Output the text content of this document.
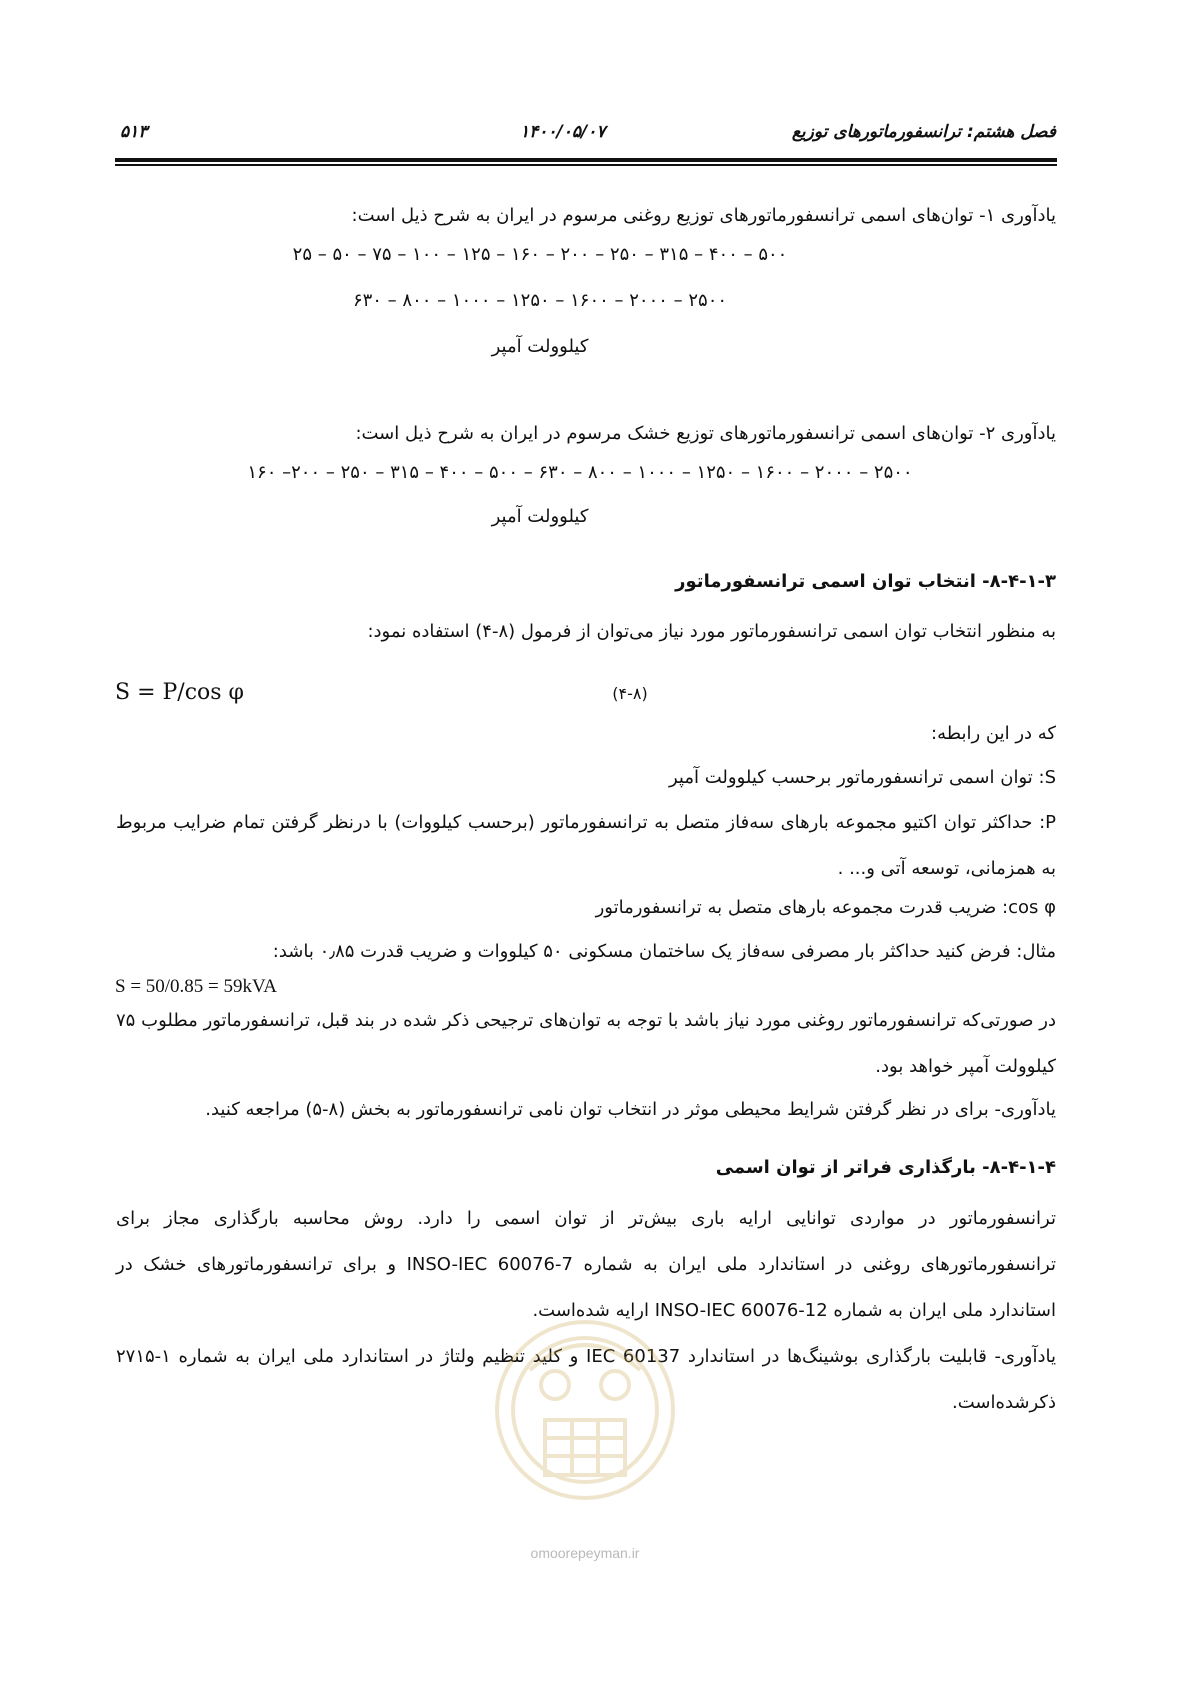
فصل هشتم: ترانسفورماتورهای توزیع
۱۴۰۰/۰۵/۰۷
۵۱۳
یادآوری ۱- توان‌های اسمی ترانسفورماتورهای توزیع روغنی مرسوم در ایران به شرح ذیل است:
۵۰۰ – ۴۰۰ – ۳۱۵ – ۲۵۰ – ۲۰۰ – ۱۶۰ – ۱۲۵ – ۱۰۰ – ۷۵ – ۵۰ – ۲۵
۲۵۰۰ – ۲۰۰۰ – ۱۶۰۰ – ۱۲۵۰ – ۱۰۰۰ – ۸۰۰ – ۶۳۰
کیلوولت آمپر
یادآوری ۲- توان‌های اسمی ترانسفورماتورهای توزیع خشک مرسوم در ایران به شرح ذیل است:
۲۵۰۰ – ۲۰۰۰ – ۱۶۰۰ – ۱۲۵۰ – ۱۰۰۰ – ۸۰۰ – ۶۳۰ – ۵۰۰ – ۴۰۰ – ۳۱۵ – ۲۵۰ – ۲۰۰– ۱۶۰
کیلوولت آمپر
۸-۴-۱-۳- انتخاب توان اسمی ترانسفورماتور
به منظور انتخاب توان اسمی ترانسفورماتور مورد نیاز می‌توان از فرمول (۸-۴) استفاده نمود:
S = P/cos φ	(۴-۸)
که در این رابطه:
S: توان اسمی ترانسفورماتور برحسب کیلوولت آمپر
P: حداکثر توان اکتیو مجموعه بارهای سه‌فاز متصل به ترانسفورماتور (برحسب کیلووات) با درنظر گرفتن تمام ضرایب مربوط به همزمانی، توسعه آتی و... .
cos φ: ضریب قدرت مجموعه بارهای متصل به ترانسفورماتور
مثال: فرض کنید حداکثر بار مصرفی سه‌فاز یک ساختمان مسکونی ۵۰ کیلووات و ضریب قدرت ۰٫۸۵ باشد:
S = 50/0.85 = 59kVA
در صورتی‌که ترانسفورماتور روغنی مورد نیاز باشد با توجه به توان‌های ترجیحی ذکر شده در بند قبل، ترانسفورماتور مطلوب ۷۵ کیلوولت آمپر خواهد بود.
یادآوری- برای در نظر گرفتن شرایط محیطی موثر در انتخاب توان نامی ترانسفورماتور به بخش (۸-۵) مراجعه کنید.
۸-۴-۱-۴- بارگذاری فراتر از توان اسمی
ترانسفورماتور در مواردی توانایی ارایه باری بیش‌تر از توان اسمی را دارد. روش محاسبه بارگذاری مجاز برای ترانسفورماتورهای روغنی در استاندارد ملی ایران به شماره INSO-IEC 60076-7 و برای ترانسفورماتورهای خشک در استاندارد ملی ایران به شماره INSO-IEC 60076-12 ارایه شده‌است.
یادآوری- قابلیت بارگذاری بوشینگ‌ها در استاندارد IEC 60137 و کلید تنظیم ولتاژ در استاندارد ملی ایران به شماره ۱-۲۷۱۵ ذکرشده‌است.
omoorepeyman.ir
